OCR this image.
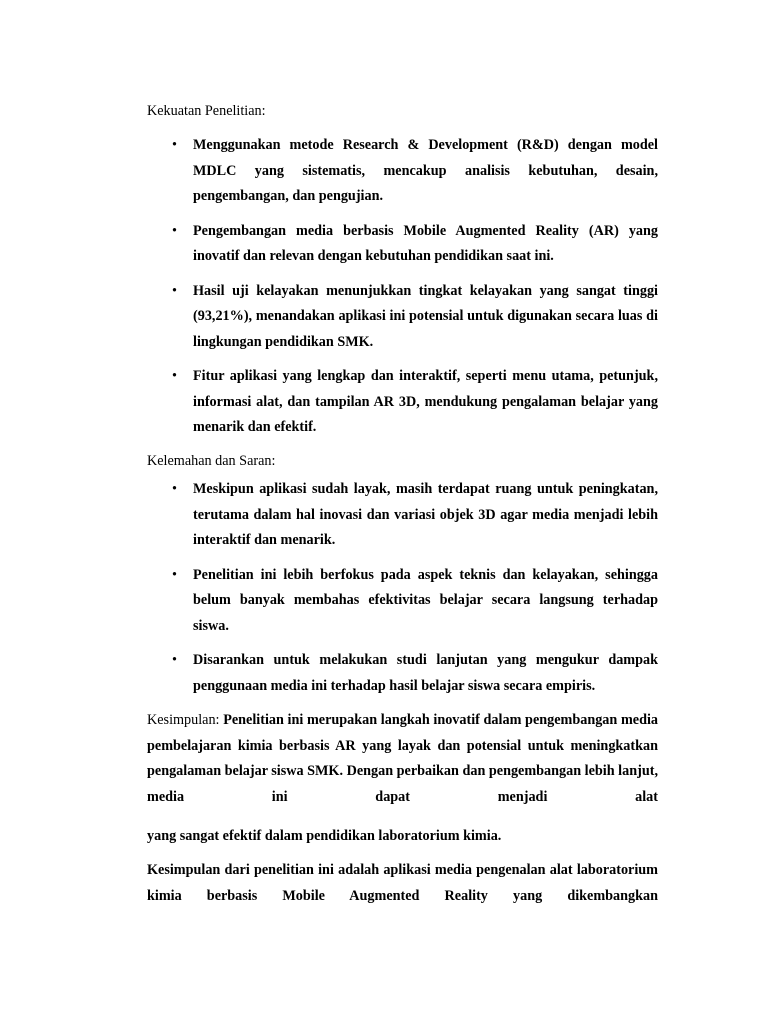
Kekuatan Penelitian:
• Menggunakan metode Research & Development (R&D) dengan model MDLC yang sistematis, mencakup analisis kebutuhan, desain, pengembangan, dan pengujian.
• Pengembangan media berbasis Mobile Augmented Reality (AR) yang inovatif dan relevan dengan kebutuhan pendidikan saat ini.
• Hasil uji kelayakan menunjukkan tingkat kelayakan yang sangat tinggi (93,21%), menandakan aplikasi ini potensial untuk digunakan secara luas di lingkungan pendidikan SMK.
• Fitur aplikasi yang lengkap dan interaktif, seperti menu utama, petunjuk, informasi alat, dan tampilan AR 3D, mendukung pengalaman belajar yang menarik dan efektif.
Kelemahan dan Saran:
• Meskipun aplikasi sudah layak, masih terdapat ruang untuk peningkatan, terutama dalam hal inovasi dan variasi objek 3D agar media menjadi lebih interaktif dan menarik.
• Penelitian ini lebih berfokus pada aspek teknis dan kelayakan, sehingga belum banyak membahas efektivitas belajar secara langsung terhadap siswa.
• Disarankan untuk melakukan studi lanjutan yang mengukur dampak penggunaan media ini terhadap hasil belajar siswa secara empiris.
Kesimpulan: Penelitian ini merupakan langkah inovatif dalam pengembangan media pembelajaran kimia berbasis AR yang layak dan potensial untuk meningkatkan pengalaman belajar siswa SMK. Dengan perbaikan dan pengembangan lebih lanjut, media ini dapat menjadi alat
yang sangat efektif dalam pendidikan laboratorium kimia.
Kesimpulan dari penelitian ini adalah aplikasi media pengenalan alat laboratorium kimia berbasis Mobile Augmented Reality yang dikembangkan
